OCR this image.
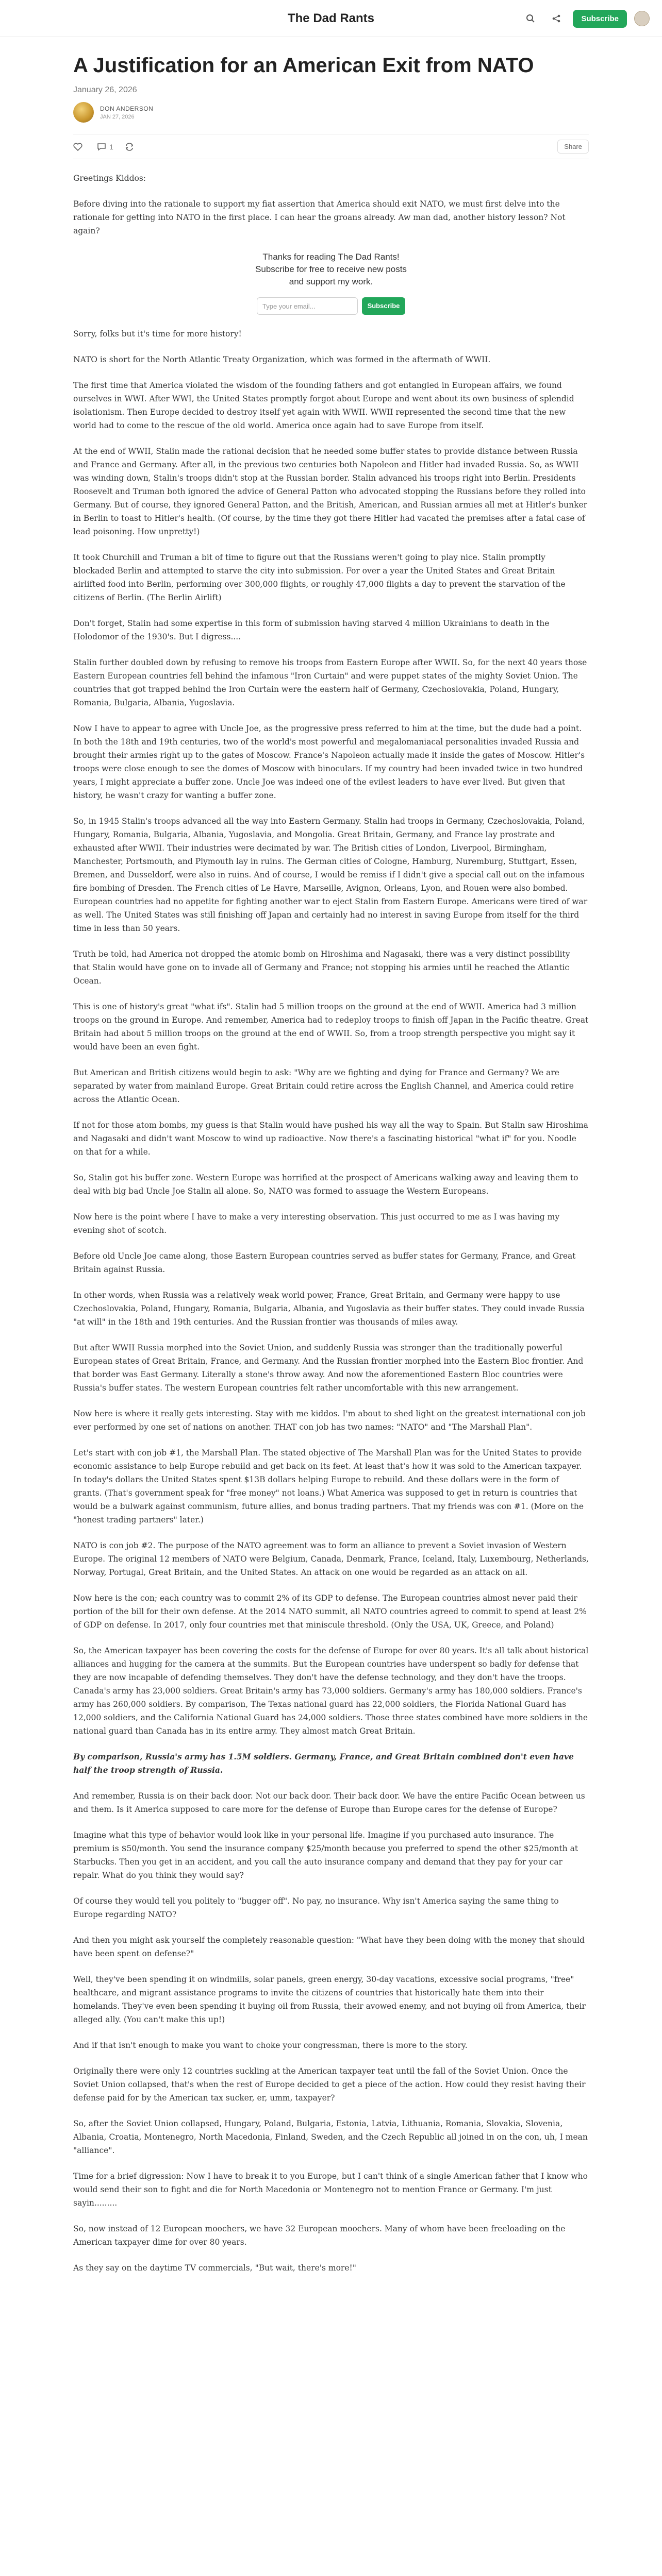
The Dad Rants	Subscribe
A Justification for an American Exit from NATO
January 26, 2026
DON ANDERSON
JAN 27, 2026
1	Share

Greetings Kiddos:

Before diving into the rationale to support my fiat assertion that America should exit NATO, we must first delve into the rationale for getting into NATO in the first place. I can hear the groans already. Aw man dad, another history lesson? Not again?

Thanks for reading The Dad Rants!
Subscribe for free to receive new posts
and support my work.
Type your email...	Subscribe

Sorry, folks but it's time for more history!

NATO is short for the North Atlantic Treaty Organization, which was formed in the aftermath of WWII.

The first time that America violated the wisdom of the founding fathers and got entangled in European affairs, we found ourselves in WWI. After WWI, the United States promptly forgot about Europe and went about its own business of splendid isolationism. Then Europe decided to destroy itself yet again with WWII. WWII represented the second time that the new world had to come to the rescue of the old world. America once again had to save Europe from itself.

At the end of WWII, Stalin made the rational decision that he needed some buffer states to provide distance between Russia and France and Germany. After all, in the previous two centuries both Napoleon and Hitler had invaded Russia. So, as WWII was winding down, Stalin's troops didn't stop at the Russian border. Stalin advanced his troops right into Berlin. Presidents Roosevelt and Truman both ignored the advice of General Patton who advocated stopping the Russians before they rolled into Germany. But of course, they ignored General Patton, and the British, American, and Russian armies all met at Hitler's bunker in Berlin to toast to Hitler's health. (Of course, by the time they got there Hitler had vacated the premises after a fatal case of lead poisoning. How unpretty!)

It took Churchill and Truman a bit of time to figure out that the Russians weren't going to play nice. Stalin promptly blockaded Berlin and attempted to starve the city into submission. For over a year the United States and Great Britain airlifted food into Berlin, performing over 300,000 flights, or roughly 47,000 flights a day to prevent the starvation of the citizens of Berlin. (The Berlin Airlift)

Don't forget, Stalin had some expertise in this form of submission having starved 4 million Ukrainians to death in the Holodomor of the 1930's. But I digress....

Stalin further doubled down by refusing to remove his troops from Eastern Europe after WWII. So, for the next 40 years those Eastern European countries fell behind the infamous "Iron Curtain" and were puppet states of the mighty Soviet Union. The countries that got trapped behind the Iron Curtain were the eastern half of Germany, Czechoslovakia, Poland, Hungary, Romania, Bulgaria, Albania, Yugoslavia.

Now I have to appear to agree with Uncle Joe, as the progressive press referred to him at the time, but the dude had a point. In both the 18th and 19th centuries, two of the world's most powerful and megalomaniacal personalities invaded Russia and brought their armies right up to the gates of Moscow. France's Napoleon actually made it inside the gates of Moscow. Hitler's troops were close enough to see the domes of Moscow with binoculars. If my country had been invaded twice in two hundred years, I might appreciate a buffer zone. Uncle Joe was indeed one of the evilest leaders to have ever lived. But given that history, he wasn't crazy for wanting a buffer zone.

So, in 1945 Stalin's troops advanced all the way into Eastern Germany. Stalin had troops in Germany, Czechoslovakia, Poland, Hungary, Romania, Bulgaria, Albania, Yugoslavia, and Mongolia. Great Britain, Germany, and France lay prostrate and exhausted after WWII. Their industries were decimated by war. The British cities of London, Liverpool, Birmingham, Manchester, Portsmouth, and Plymouth lay in ruins. The German cities of Cologne, Hamburg, Nuremburg, Stuttgart, Essen, Bremen, and Dusseldorf, were also in ruins. And of course, I would be remiss if I didn't give a special call out on the infamous fire bombing of Dresden. The French cities of Le Havre, Marseille, Avignon, Orleans, Lyon, and Rouen were also bombed. European countries had no appetite for fighting another war to eject Stalin from Eastern Europe. Americans were tired of war as well. The United States was still finishing off Japan and certainly had no interest in saving Europe from itself for the third time in less than 50 years.

Truth be told, had America not dropped the atomic bomb on Hiroshima and Nagasaki, there was a very distinct possibility that Stalin would have gone on to invade all of Germany and France; not stopping his armies until he reached the Atlantic Ocean.

This is one of history's great "what ifs". Stalin had 5 million troops on the ground at the end of WWII. America had 3 million troops on the ground in Europe. And remember, America had to redeploy troops to finish off Japan in the Pacific theatre. Great Britain had about 5 million troops on the ground at the end of WWII. So, from a troop strength perspective you might say it would have been an even fight.

But American and British citizens would begin to ask: "Why are we fighting and dying for France and Germany? We are separated by water from mainland Europe. Great Britain could retire across the English Channel, and America could retire across the Atlantic Ocean.

If not for those atom bombs, my guess is that Stalin would have pushed his way all the way to Spain. But Stalin saw Hiroshima and Nagasaki and didn't want Moscow to wind up radioactive. Now there's a fascinating historical "what if" for you. Noodle on that for a while.

So, Stalin got his buffer zone. Western Europe was horrified at the prospect of Americans walking away and leaving them to deal with big bad Uncle Joe Stalin all alone. So, NATO was formed to assuage the Western Europeans.

Now here is the point where I have to make a very interesting observation. This just occurred to me as I was having my evening shot of scotch.

Before old Uncle Joe came along, those Eastern European countries served as buffer states for Germany, France, and Great Britain against Russia.

In other words, when Russia was a relatively weak world power, France, Great Britain, and Germany were happy to use Czechoslovakia, Poland, Hungary, Romania, Bulgaria, Albania, and Yugoslavia as their buffer states. They could invade Russia "at will" in the 18th and 19th centuries. And the Russian frontier was thousands of miles away.

But after WWII Russia morphed into the Soviet Union, and suddenly Russia was stronger than the traditionally powerful European states of Great Britain, France, and Germany. And the Russian frontier morphed into the Eastern Bloc frontier. And that border was East Germany. Literally a stone's throw away. And now the aforementioned Eastern Bloc countries were Russia's buffer states. The western European countries felt rather uncomfortable with this new arrangement.

Now here is where it really gets interesting. Stay with me kiddos. I'm about to shed light on the greatest international con job ever performed by one set of nations on another. THAT con job has two names: "NATO" and "The Marshall Plan".

Let's start with con job #1, the Marshall Plan. The stated objective of The Marshall Plan was for the United States to provide economic assistance to help Europe rebuild and get back on its feet. At least that's how it was sold to the American taxpayer. In today's dollars the United States spent $13B dollars helping Europe to rebuild. And these dollars were in the form of grants. (That's government speak for "free money" not loans.) What America was supposed to get in return is countries that would be a bulwark against communism, future allies, and bonus trading partners. That my friends was con #1. (More on the "honest trading partners" later.)

NATO is con job #2. The purpose of the NATO agreement was to form an alliance to prevent a Soviet invasion of Western Europe. The original 12 members of NATO were Belgium, Canada, Denmark, France, Iceland, Italy, Luxembourg, Netherlands, Norway, Portugal, Great Britain, and the United States. An attack on one would be regarded as an attack on all.

Now here is the con; each country was to commit 2% of its GDP to defense. The European countries almost never paid their portion of the bill for their own defense. At the 2014 NATO summit, all NATO countries agreed to commit to spend at least 2% of GDP on defense. In 2017, only four countries met that miniscule threshold. (Only the USA, UK, Greece, and Poland)

So, the American taxpayer has been covering the costs for the defense of Europe for over 80 years. It's all talk about historical alliances and hugging for the camera at the summits. But the European countries have underspent so badly for defense that they are now incapable of defending themselves. They don't have the defense technology, and they don't have the troops. Canada's army has 23,000 soldiers. Great Britain's army has 73,000 soldiers. Germany's army has 180,000 soldiers. France's army has 260,000 soldiers. By comparison, The Texas national guard has 22,000 soldiers, the Florida National Guard has 12,000 soldiers, and the California National Guard has 24,000 soldiers. Those three states combined have more soldiers in the national guard than Canada has in its entire army. They almost match Great Britain.

By comparison, Russia's army has 1.5M soldiers. Germany, France, and Great Britain combined don't even have half the troop strength of Russia.

And remember, Russia is on their back door. Not our back door. Their back door. We have the entire Pacific Ocean between us and them. Is it America supposed to care more for the defense of Europe than Europe cares for the defense of Europe?

Imagine what this type of behavior would look like in your personal life. Imagine if you purchased auto insurance. The premium is $50/month. You send the insurance company $25/month because you preferred to spend the other $25/month at Starbucks. Then you get in an accident, and you call the auto insurance company and demand that they pay for your car repair. What do you think they would say?

Of course they would tell you politely to "bugger off". No pay, no insurance. Why isn't America saying the same thing to Europe regarding NATO?

And then you might ask yourself the completely reasonable question: "What have they been doing with the money that should have been spent on defense?"

Well, they've been spending it on windmills, solar panels, green energy, 30-day vacations, excessive social programs, "free" healthcare, and migrant assistance programs to invite the citizens of countries that historically hate them into their homelands. They've even been spending it buying oil from Russia, their avowed enemy, and not buying oil from America, their alleged ally. (You can't make this up!)

And if that isn't enough to make you want to choke your congressman, there is more to the story.

Originally there were only 12 countries suckling at the American taxpayer teat until the fall of the Soviet Union. Once the Soviet Union collapsed, that's when the rest of Europe decided to get a piece of the action. How could they resist having their defense paid for by the American tax sucker, er, umm, taxpayer?

So, after the Soviet Union collapsed, Hungary, Poland, Bulgaria, Estonia, Latvia, Lithuania, Romania, Slovakia, Slovenia, Albania, Croatia, Montenegro, North Macedonia, Finland, Sweden, and the Czech Republic all joined in on the con, uh, I mean "alliance".

Time for a brief digression: Now I have to break it to you Europe, but I can't think of a single American father that I know who would send their son to fight and die for North Macedonia or Montenegro not to mention France or Germany. I'm just sayin.........

So, now instead of 12 European moochers, we have 32 European moochers. Many of whom have been freeloading on the American taxpayer dime for over 80 years.

As they say on the daytime TV commercials, "But wait, there's more!"
